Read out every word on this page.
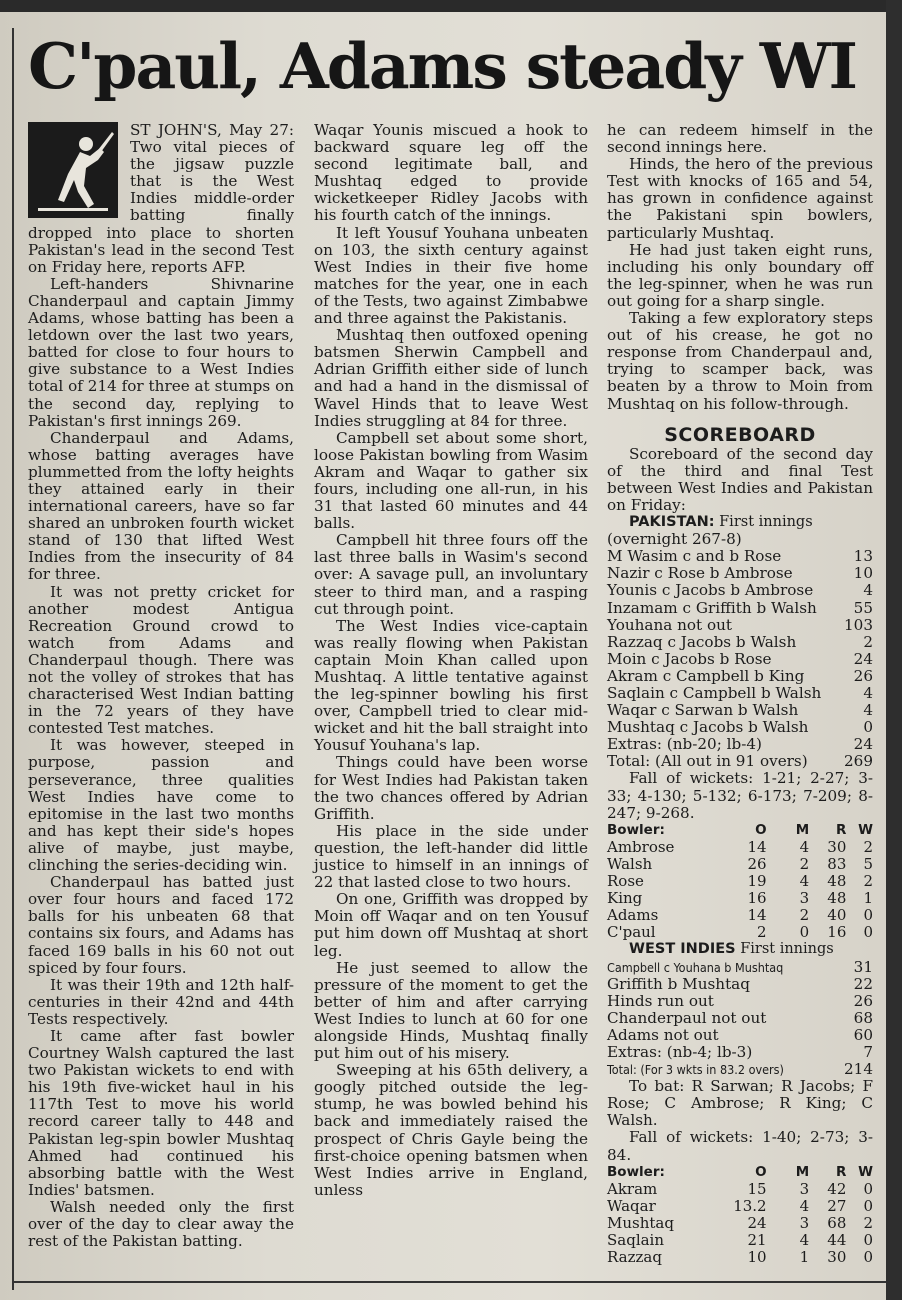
C'paul, Adams steady WI

ST JOHN'S, May 27: Two vital pieces of the jigsaw puzzle that is the West Indies middle-order batting finally dropped into place to shorten Pakistan's lead in the second Test on Friday here, reports AFP.

Left-handers Shivnarine Chanderpaul and captain Jimmy Adams, whose batting has been a letdown over the last two years, batted for close to four hours to give substance to a West Indies total of 214 for three at stumps on the second day, replying to Pakistan's first innings 269.

Chanderpaul and Adams, whose batting averages have plummetted from the lofty heights they attained early in their international careers, have so far shared an unbroken fourth wicket stand of 130 that lifted West Indies from the insecurity of 84 for three.

It was not pretty cricket for another modest Antigua Recreation Ground crowd to watch from Adams and Chanderpaul though. There was not the volley of strokes that has characterised West Indian batting in the 72 years of they have contested Test matches.

It was however, steeped in purpose, passion and perseverance, three qualities West Indies have come to epitomise in the last two months and has kept their side's hopes alive of maybe, just maybe, clinching the series-deciding win.

Chanderpaul has batted just over four hours and faced 172 balls for his unbeaten 68 that contains six fours, and Adams has faced 169 balls in his 60 not out spiced by four fours.

It was their 19th and 12th half-centuries in their 42nd and 44th Tests respectively.

It came after fast bowler Courtney Walsh captured the last two Pakistan wickets to end with his 19th five-wicket haul in his 117th Test to move his world record career tally to 448 and Pakistan leg-spin bowler Mushtaq Ahmed had continued his absorbing battle with the West Indies' batsmen.

Walsh needed only the first over of the day to clear away the rest of the Pakistan batting.

Waqar Younis miscued a hook to backward square leg off the second legitimate ball, and Mushtaq edged to provide wicketkeeper Ridley Jacobs with his fourth catch of the innings.

It left Yousuf Youhana unbeaten on 103, the sixth century against West Indies in their five home matches for the year, one in each of the Tests, two against Zimbabwe and three against the Pakistanis.

Mushtaq then outfoxed opening batsmen Sherwin Campbell and Adrian Griffith either side of lunch and had a hand in the dismissal of Wavel Hinds that to leave West Indies struggling at 84 for three.

Campbell set about some short, loose Pakistan bowling from Wasim Akram and Waqar to gather six fours, including one all-run, in his 31 that lasted 60 minutes and 44 balls.

Campbell hit three fours off the last three balls in Wasim's second over: A savage pull, an involuntary steer to third man, and a rasping cut through point.

The West Indies vice-captain was really flowing when Pakistan captain Moin Khan called upon Mushtaq. A little tentative against the leg-spinner bowling his first over, Campbell tried to clear mid-wicket and hit the ball straight into Yousuf Youhana's lap.

Things could have been worse for West Indies had Pakistan taken the two chances offered by Adrian Griffith.

His place in the side under question, the left-hander did little justice to himself in an innings of 22 that lasted close to two hours.

On one, Griffith was dropped by Moin off Waqar and on ten Yousuf put him down off Mushtaq at short leg.

He just seemed to allow the pressure of the moment to get the better of him and after carrying West Indies to lunch at 60 for one alongside Hinds, Mushtaq finally put him out of his misery.

Sweeping at his 65th delivery, a googly pitched outside the leg-stump, he was bowled behind his back and immediately raised the prospect of Chris Gayle being the first-choice opening batsmen when West Indies arrive in England, unless

he can redeem himself in the second innings here.

Hinds, the hero of the previous Test with knocks of 165 and 54, has grown in confidence against the Pakistani spin bowlers, particularly Mushtaq.

He had just taken eight runs, including his only boundary off the leg-spinner, when he was run out going for a sharp single.

Taking a few exploratory steps out of his crease, he got no response from Chanderpaul and, trying to scamper back, was beaten by a throw to Moin from Mushtaq on his follow-through.

SCOREBOARD

Scoreboard of the second day of the third and final Test between West Indies and Pakistan on Friday:

PAKISTAN: First innings
(overnight 267-8)
M Wasim c and b Rose	13
Nazir c Rose b Ambrose	10
Younis c Jacobs b Ambrose	4
Inzamam c Griffith b Walsh	55
Youhana not out	103
Razzaq c Jacobs b Walsh	2
Moin c Jacobs b Rose	24
Akram c Campbell b King	26
Saqlain c Campbell b Walsh	4
Waqar c Sarwan b Walsh	4
Mushtaq c Jacobs b Walsh	0
Extras: (nb-20; lb-4)	24
Total: (All out in 91 overs) 269

Fall of wickets: 1-21; 2-27; 3-33; 4-130; 5-132; 6-173; 7-209; 8-247; 9-268.

Bowler:	O	M	R	W
Ambrose	14	4	30	2
Walsh	26	2	83	5
Rose	19	4	48	2
King	16	3	48	1
Adams	14	2	40	0
C'paul	2	0	16	0
WEST INDIES First innings
Campbell c Youhana b Mushtaq	31
Griffith b Mushtaq	22
Hinds run out	26
Chanderpaul not out	68
Adams not out	60
Extras: (nb-4; lb-3)	7
Total: (For 3 wkts in 83.2 overs)	214

To bat: R Sarwan; R Jacobs; F Rose; C Ambrose; R King; C Walsh.

Fall of wickets: 1-40; 2-73; 3-84.

Bowler:	O	M	R	W
Akram	15	3	42	0
Waqar	13.2	4	27	0
Mushtaq	24	3	68	2
Saqlain	21	4	44	0
Razzaq	10	1	30	0
